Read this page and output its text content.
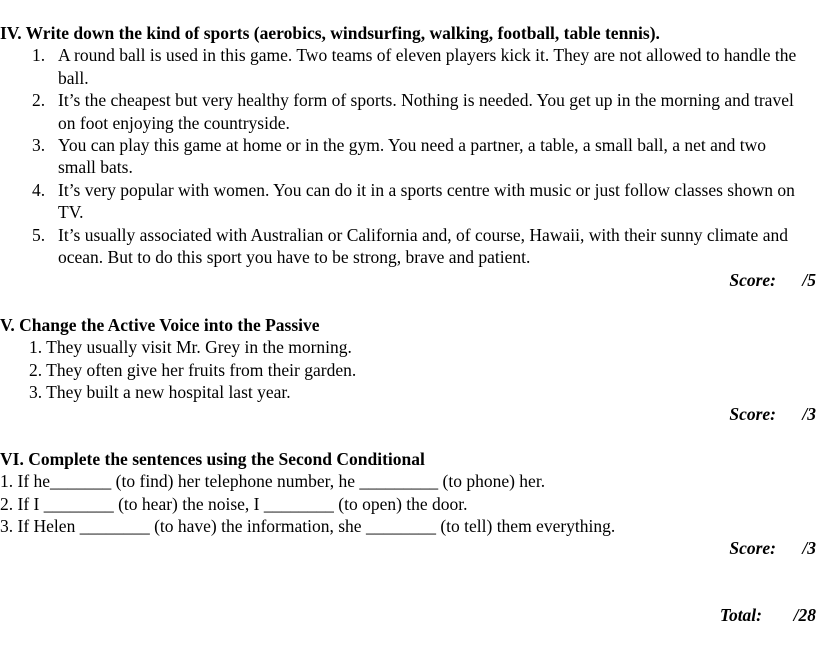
IV. Write down the kind of sports (aerobics, windsurfing, walking, football, table tennis).
1. A round ball is used in this game. Two teams of eleven players kick it. They are not allowed to handle the ball.
2. It’s the cheapest but very healthy form of sports. Nothing is needed. You get up in the morning and travel on foot enjoying the countryside.
3. You can play this game at home or in the gym. You need a partner, a table, a small ball, a net and two small bats.
4. It’s very popular with women. You can do it in a sports centre with music or just follow classes shown on TV.
5. It’s usually associated with Australian or California and, of course, Hawaii, with their sunny climate and ocean. But to do this sport you have to be strong, brave and patient.
Score: /5
V. Change the Active Voice into the Passive
1. They usually visit Mr. Grey in the morning.
2. They often give her fruits from their garden.
3. They built a new hospital last year.
Score: /3
VI. Complete the sentences using the Second Conditional
1. If he_______ (to find) her telephone number, he _________ (to phone) her.
2. If I ________ (to hear) the noise, I ________ (to open) the door.
3. If Helen ________ (to have) the information, she ________ (to tell) them everything.
Score: /3
Total: /28
